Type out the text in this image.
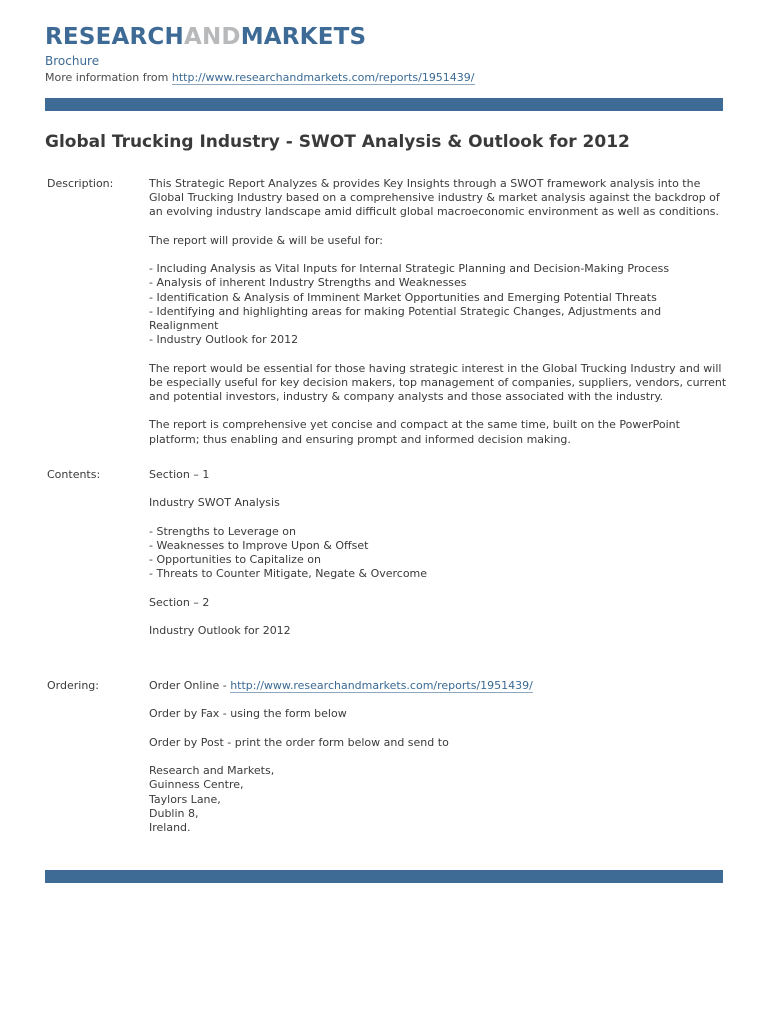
RESEARCHANDMARKETS
Brochure
More information from http://www.researchandmarkets.com/reports/1951439/
Global Trucking Industry - SWOT Analysis & Outlook for 2012
Description:	This Strategic Report Analyzes & provides Key Insights through a SWOT framework analysis into the Global Trucking Industry based on a comprehensive industry & market analysis against the backdrop of an evolving industry landscape amid difficult global macroeconomic environment as well as conditions.

The report will provide & will be useful for:

- Including Analysis as Vital Inputs for Internal Strategic Planning and Decision-Making Process
- Analysis of inherent Industry Strengths and Weaknesses
- Identification & Analysis of Imminent Market Opportunities and Emerging Potential Threats
- Identifying and highlighting areas for making Potential Strategic Changes, Adjustments and Realignment
- Industry Outlook for 2012

The report would be essential for those having strategic interest in the Global Trucking Industry and will be especially useful for key decision makers, top management of companies, suppliers, vendors, current and potential investors, industry & company analysts and those associated with the industry.

The report is comprehensive yet concise and compact at the same time, built on the PowerPoint platform; thus enabling and ensuring prompt and informed decision making.

Contents:	Section – 1

Industry SWOT Analysis

- Strengths to Leverage on
- Weaknesses to Improve Upon & Offset
- Opportunities to Capitalize on
- Threats to Counter Mitigate, Negate & Overcome

Section – 2

Industry Outlook for 2012

Ordering:	Order Online - http://www.researchandmarkets.com/reports/1951439/

Order by Fax - using the form below

Order by Post - print the order form below and send to

Research and Markets,
Guinness Centre,
Taylors Lane,
Dublin 8,
Ireland.
